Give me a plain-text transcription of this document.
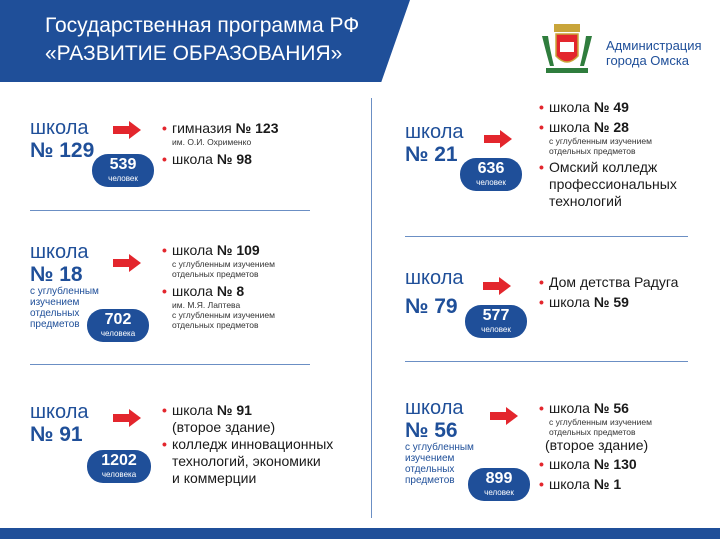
Государственная программа РФ
«РАЗВИТИЕ ОБРАЗОВАНИЯ»	Администрация
города Омска
школа
№ 129
539
человек
• гимназия № 123
им. О.И. Охрименко
• школа № 98
школа
№ 18
с углубленным
изучением
отдельных
предметов	702
человека
• школа № 109
с углубленным изучением
отдельных предметов
• школа № 8
им. М.Я. Лаптева
с углубленным изучением
отдельных предметов
школа
№ 91
1202
человека
• школа № 91
(второе здание)
• колледж инновационных
технологий, экономики
и коммерции
школа
№ 21
636
человек
• школа № 49
• школа № 28
с углубленным изучением
отдельных предметов
• Омский колледж
профессиональных
технологий
школа
№ 79	577
человек
• Дом детства Радуга
• школа № 59
школа
№ 56
с углубленным
изучением
отдельных
предметов	899
человек
• школа № 56
с углубленным изучением
отдельных предметов
(второе здание)
• школа № 130
• школа № 1
